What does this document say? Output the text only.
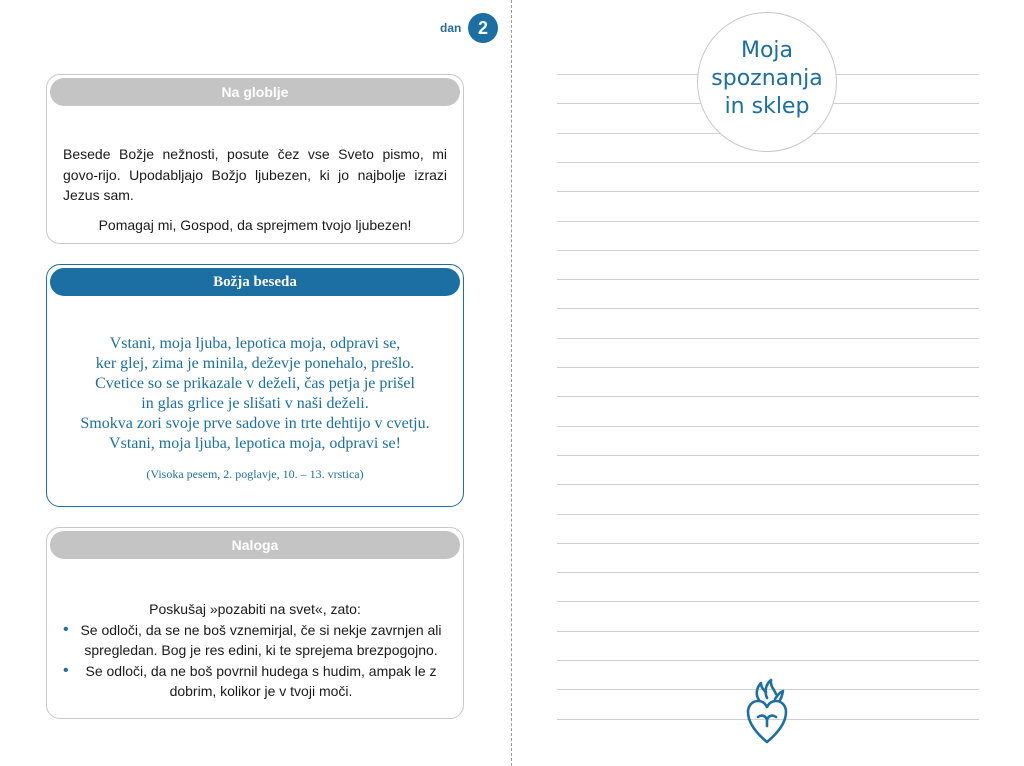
dan 2
Na globlje

Besede Božje nežnosti, posute čez vse Sveto pismo, mi govo-rijo. Upodabljajo Božjo ljubezen, ki jo najbolje izrazi Jezus sam.

Pomagaj mi, Gospod, da sprejmem tvojo ljubezen!

Božja beseda
Vstani, moja ljuba, lepotica moja, odpravi se,
ker glej, zima je minila, deževje ponehalo, prešlo.
Cvetice so se prikazale v deželi, čas petja je prišel
in glas grlice je slišati v naši deželi.
Smokva zori svoje prve sadove in trte dehtijo v cvetju.
Vstani, moja ljuba, lepotica moja, odpravi se!
(Visoka pesem, 2. poglavje, 10. – 13. vrstica)
Naloga

Poskušaj »pozabiti na svet«, zato:

• Se odloči, da se ne boš vznemirjal, če si nekje zavrnjen ali spregledan. Bog je res edini, ki te sprejema brezpogojno.
• Se odloči, da ne boš povrnil hudega s hudim, ampak le z dobrim, kolikor je v tvoji moči.
Moja
spoznanja
in sklep
